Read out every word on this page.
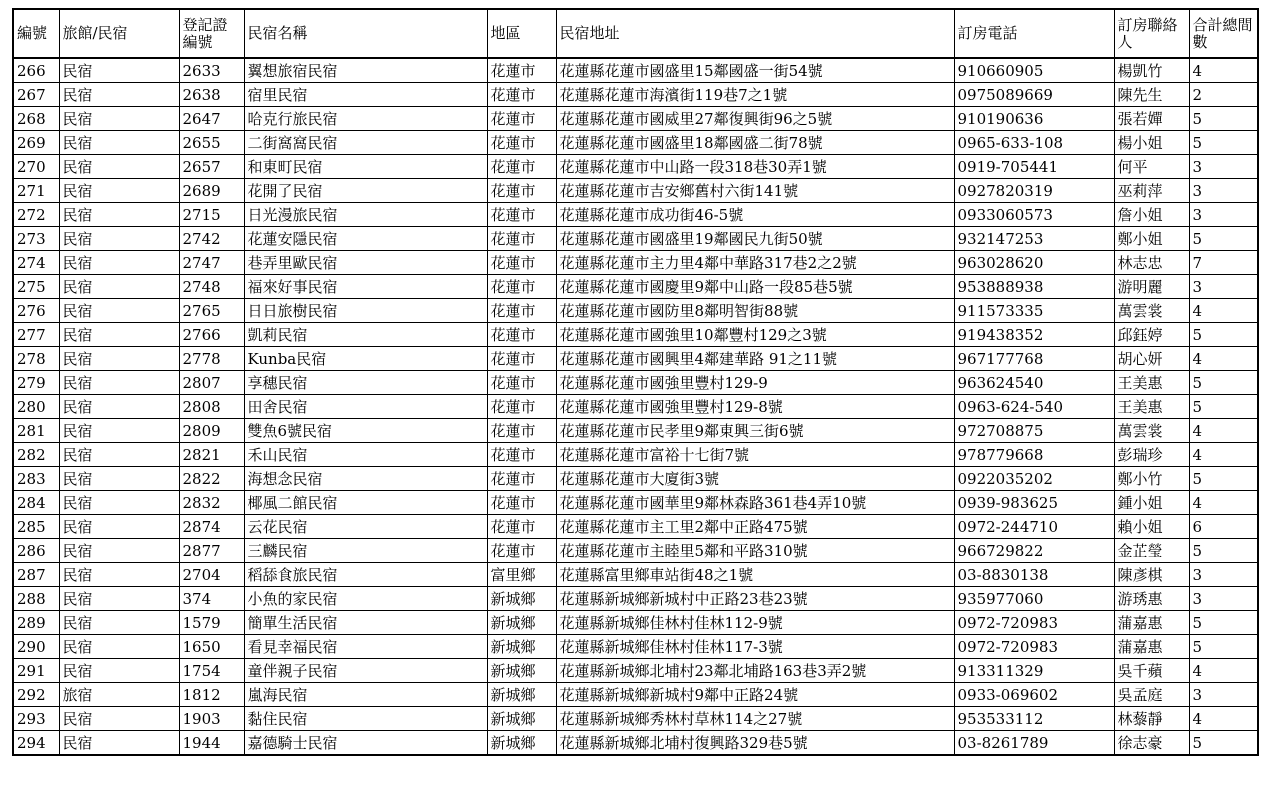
編號	旅館/民宿	登記證編號	民宿名稱	地區	民宿地址	訂房電話	訂房聯絡人	合計總間數
266	民宿	2633	翼想旅宿民宿	花蓮市	花蓮縣花蓮市國盛里15鄰國盛一街54號	910660905	楊凱竹	4
267	民宿	2638	宿里民宿	花蓮市	花蓮縣花蓮市海濱街119巷7之1號	0975089669	陳先生	2
268	民宿	2647	哈克行旅民宿	花蓮市	花蓮縣花蓮市國威里27鄰復興街96之5號	910190636	張若嬋	5
269	民宿	2655	二街窩窩民宿	花蓮市	花蓮縣花蓮市國盛里18鄰國盛二街78號	0965-633-108	楊小姐	5
270	民宿	2657	和東町民宿	花蓮市	花蓮縣花蓮市中山路一段318巷30弄1號	0919-705441	何平	3
271	民宿	2689	花開了民宿	花蓮市	花蓮縣花蓮市吉安鄉舊村六街141號	0927820319	巫莉萍	3
272	民宿	2715	日光漫旅民宿	花蓮市	花蓮縣花蓮市成功街46-5號	0933060573	詹小姐	3
273	民宿	2742	花蓮安隱民宿	花蓮市	花蓮縣花蓮市國盛里19鄰國民九街50號	932147253	鄭小姐	5
274	民宿	2747	巷弄里歐民宿	花蓮市	花蓮縣花蓮市主力里4鄰中華路317巷2之2號	963028620	林志忠	7
275	民宿	2748	福來好事民宿	花蓮市	花蓮縣花蓮市國慶里9鄰中山路一段85巷5號	953888938	游明麗	3
276	民宿	2765	日日旅樹民宿	花蓮市	花蓮縣花蓮市國防里8鄰明智街88號	911573335	萬雲裳	4
277	民宿	2766	凱莉民宿	花蓮市	花蓮縣花蓮市國強里10鄰豐村129之3號	919438352	邱鈺婷	5
278	民宿	2778	Kunba民宿	花蓮市	花蓮縣花蓮市國興里4鄰建華路 91之11號	967177768	胡心妍	4
279	民宿	2807	享穗民宿	花蓮市	花蓮縣花蓮市國強里豐村129-9	963624540	王美惠	5
280	民宿	2808	田舍民宿	花蓮市	花蓮縣花蓮市國強里豐村129-8號	0963-624-540	王美惠	5
281	民宿	2809	雙魚6號民宿	花蓮市	花蓮縣花蓮市民孝里9鄰東興三街6號	972708875	萬雲裳	4
282	民宿	2821	禾山民宿	花蓮市	花蓮縣花蓮市富裕十七街7號	978779668	彭瑞珍	4
283	民宿	2822	海想念民宿	花蓮市	花蓮縣花蓮市大廈街3號	0922035202	鄭小竹	5
284	民宿	2832	椰風二館民宿	花蓮市	花蓮縣花蓮市國華里9鄰林森路361巷4弄10號	0939-983625	鍾小姐	4
285	民宿	2874	云花民宿	花蓮市	花蓮縣花蓮市主工里2鄰中正路475號	0972-244710	賴小姐	6
286	民宿	2877	三麟民宿	花蓮市	花蓮縣花蓮市主睦里5鄰和平路310號	966729822	金芷瑩	5
287	民宿	2704	稻舔食旅民宿	富里鄉	花蓮縣富里鄉車站街48之1號	03-8830138	陳彥棋	3
288	民宿	374	小魚的家民宿	新城鄉	花蓮縣新城鄉新城村中正路23巷23號	935977060	游琇惠	3
289	民宿	1579	簡單生活民宿	新城鄉	花蓮縣新城鄉佳林村佳林112-9號	0972-720983	蒲嘉惠	5
290	民宿	1650	看見幸福民宿	新城鄉	花蓮縣新城鄉佳林村佳林117-3號	0972-720983	蒲嘉惠	5
291	民宿	1754	童伴親子民宿	新城鄉	花蓮縣新城鄉北埔村23鄰北埔路163巷3弄2號	913311329	吳千蘋	4
292	旅宿	1812	嵐海民宿	新城鄉	花蓮縣新城鄉新城村9鄰中正路24號	0933-069602	吳孟庭	3
293	民宿	1903	黏住民宿	新城鄉	花蓮縣新城鄉秀林村草林114之27號	953533112	林藜靜	4
294	民宿	1944	嘉德騎士民宿	新城鄉	花蓮縣新城鄉北埔村復興路329巷5號	03-8261789	徐志豪	5
